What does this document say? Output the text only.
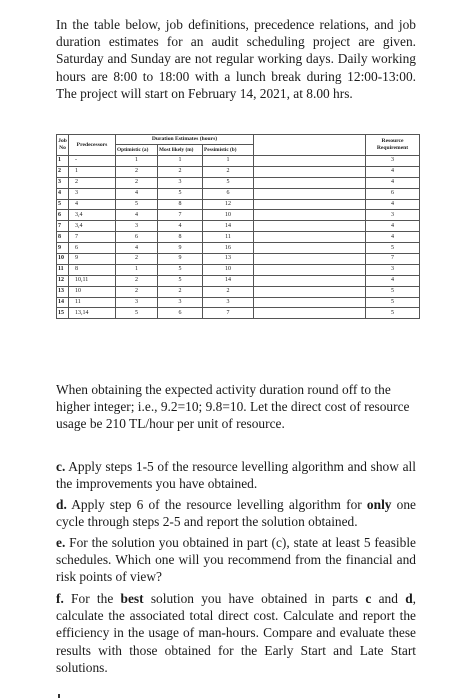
In the table below, job definitions, precedence relations, and job duration estimates for an audit scheduling project are given. Saturday and Sunday are not regular working days. Daily working hours are 8:00 to 18:00 with a lunch break during 12:00-13:00. The project will start on February 14, 2021, at 8.00 hrs.

Job No	Predecessors	Duration Estimates (hours)				Resource Requirement
		Optimistic (a)	Most likely (m)	Pessimistic (b)		
1	-	1	1	1		3
2	1	2	2	2		4
3	2	2	3	5		4
4	3	4	5	6		6
5	4	5	8	12		4
6	3,4	4	7	10		3
7	3,4	3	4	14		4
8	7	6	8	11		4
9	6	4	9	16		5
10	9	2	9	13		7
11	8	1	5	10		3
12	10,11	2	5	14		4
13	10	2	2	2		5
14	11	3	3	3		5
15	13,14	5	6	7		5

When obtaining the expected activity duration round off to the higher integer; i.e., 9.2=10; 9.8=10. Let the direct cost of resource usage be 210 TL/hour per unit of resource.

c. Apply steps 1-5 of the resource levelling algorithm and show all the improvements you have obtained.

d. Apply step 6 of the resource levelling algorithm for only one cycle through steps 2-5 and report the solution obtained.

e. For the solution you obtained in part (c), state at least 5 feasible schedules. Which one will you recommend from the financial and risk points of view?

f. For the best solution you have obtained in parts c and d, calculate the associated total direct cost. Calculate and report the efficiency in the usage of man-hours. Compare and evaluate these results with those obtained for the Early Start and Late Start solutions.
